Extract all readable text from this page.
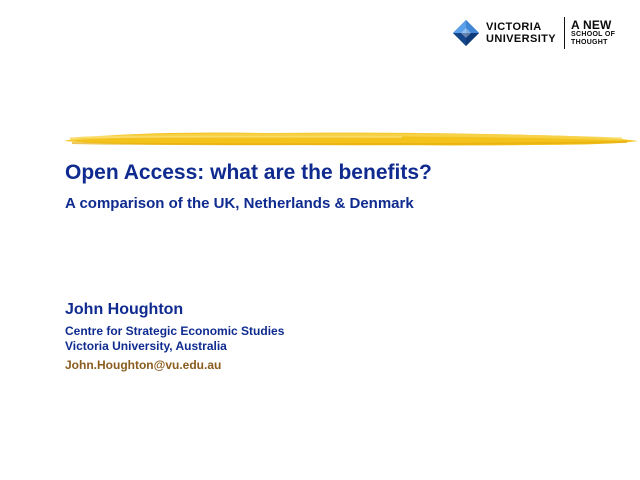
VICTORIA
UNIVERSITY
A NEW
SCHOOL OF
THOUGHT
Open Access: what are the benefits?
A comparison of the UK, Netherlands & Denmark

John Houghton

Centre for Strategic Economic Studies
Victoria University, Australia

John.Houghton@vu.edu.au
